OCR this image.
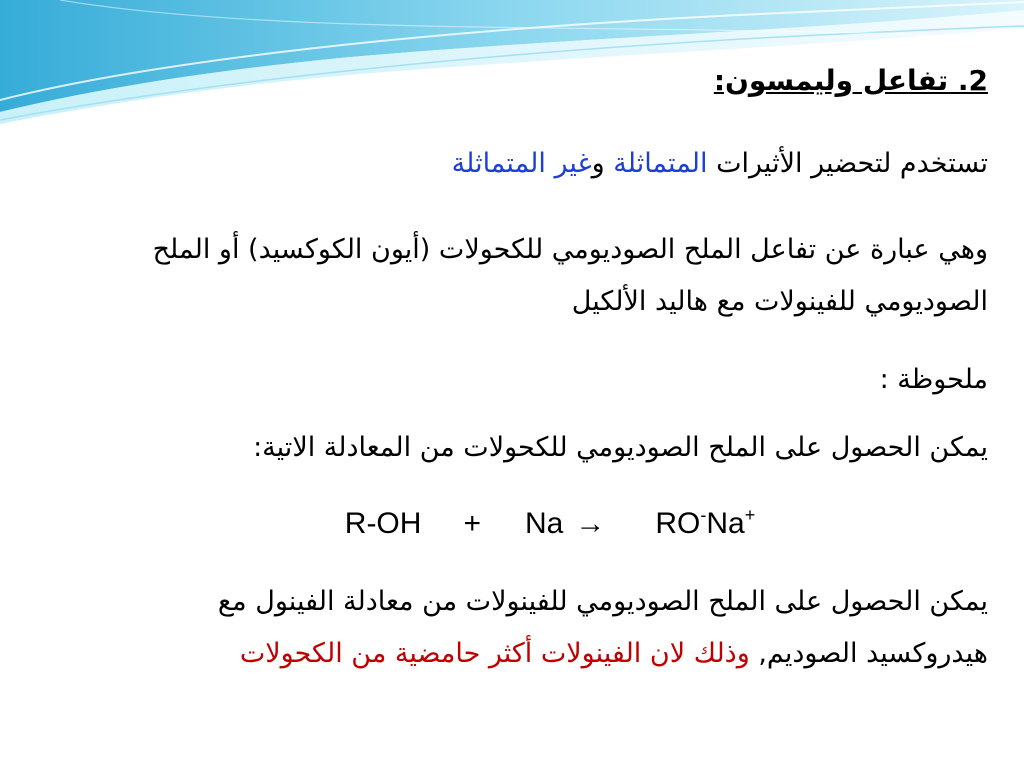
2. تفاعل وليمسون:
تستخدم لتحضير الأثيرات المتماثلة وغير المتماثلة
وهي عبارة عن تفاعل الملح الصوديومي للكحولات (أيون الكوكسيد) أو الملح الصوديومي للفينولات مع هاليد الألكيل
ملحوظة :
يمكن الحصول على الملح الصوديومي للكحولات من المعادلة الاتية:
R-OH + Na → RO-Na+
يمكن الحصول على الملح الصوديومي للفينولات من معادلة الفينول مع هيدروكسيد الصوديم, وذلك لان الفينولات أكثر حامضية من الكحولات
